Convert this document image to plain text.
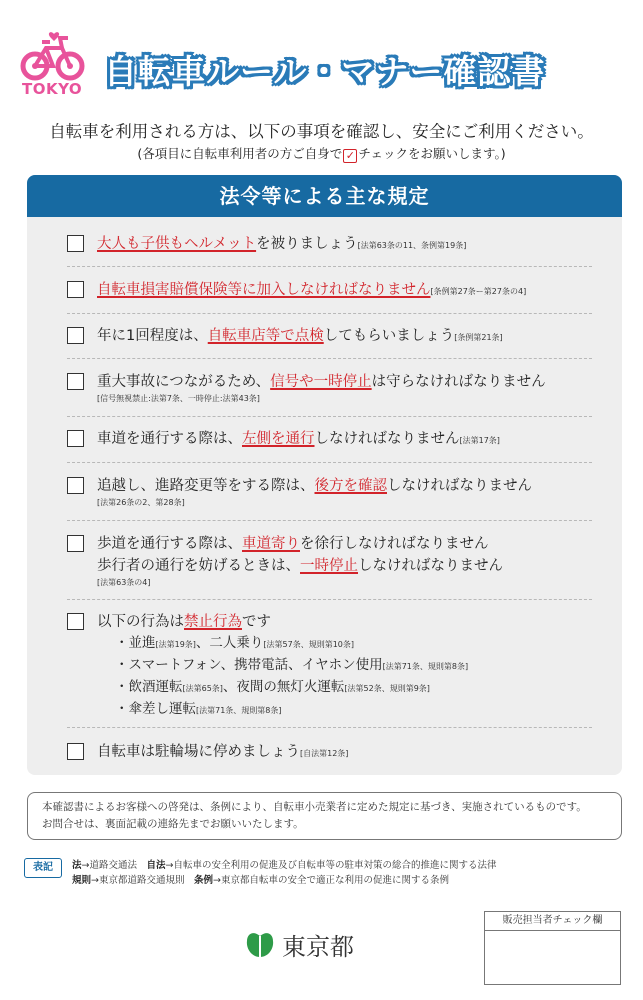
TOKYO 自転車ルール・マナー確認書
自転車を利用される方は、以下の事項を確認し、安全にご利用ください。
(各項目に自転車利用者の方ご自身で ✓ チェックをお願いします。)
法令等による主な規定
大人も子供もヘルメットを被りましょう[法第63条の11、条例第19条]
自転車損害賠償保険等に加入しなければなりません[条例第27条ー第27条の4]
年に1回程度は、自転車店等で点検してもらいましょう[条例第21条]
重大事故につながるため、信号や一時停止は守らなければなりません
[信号無視禁止:法第7条、一時停止:法第43条]
車道を通行する際は、左側を通行しなければなりません[法第17条]
追越し、進路変更等をする際は、後方を確認しなければなりません
[法第26条の2、第28条]
歩道を通行する際は、車道寄りを徐行しなければなりません
歩行者の通行を妨げるときは、一時停止しなければなりません
[法第63条の4]
以下の行為は禁止行為です
・並進[法第19条]、二人乗り[法第57条、規則第10条]
・スマートフォン、携帯電話、イヤホン使用[法第71条、規則第8条]
・飲酒運転[法第65条]、夜間の無灯火運転[法第52条、規則第9条]
・傘差し運転[法第71条、規則第8条]
自転車は駐輪場に停めましょう[自法第12条]
本確認書によるお客様への啓発は、条例により、自転車小売業者に定めた規定に基づき、実施されているものです。
お問合せは、裏面記載の連絡先までお願いいたします。
表記	法→道路交通法　 自法→自転車の安全利用の促進及び自転車等の駐車対策の総合的推進に関する法律
規則→東京都道路交通規則　 条例→東京都自転車の安全で適正な利用の促進に関する条例
東京都
販売担当者チェック欄
